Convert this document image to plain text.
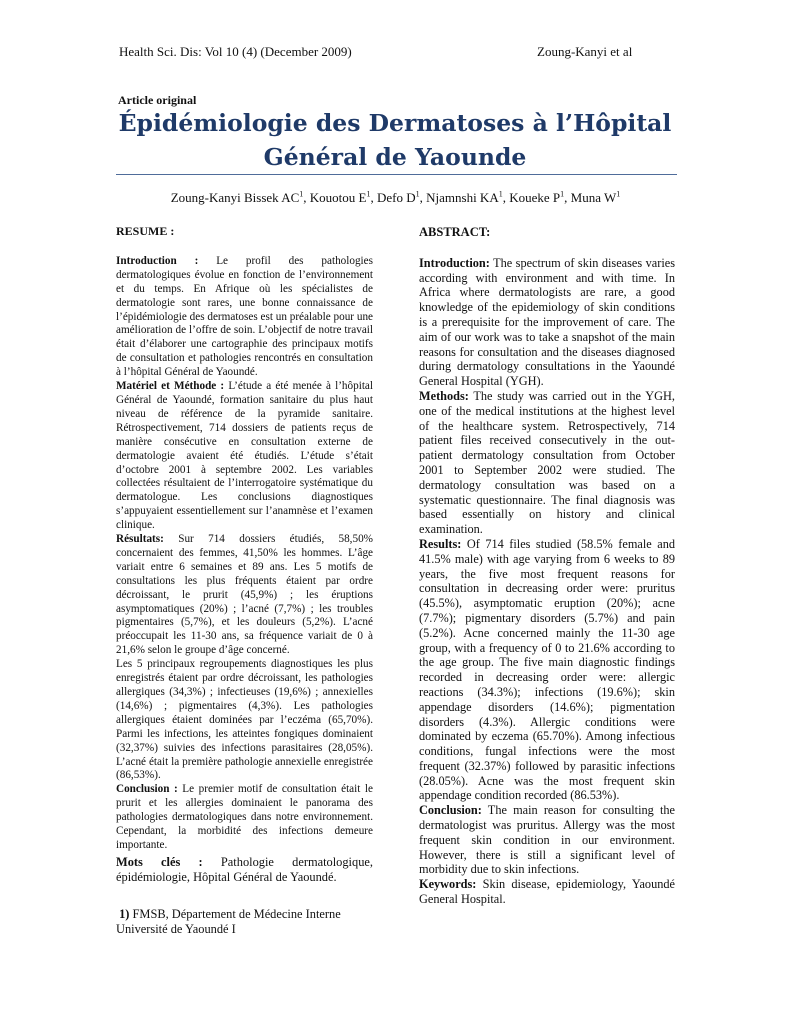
Health Sci. Dis: Vol 10 (4) (December 2009)	Zoung-Kanyi et al
Article original
Épidémiologie des Dermatoses à l’Hôpital
Général de Yaounde
Zoung-Kanyi Bissek $AC^1$, Kouotou $E^1$, Defo $D^1$, Njamnshi $KA^1$, Koueke $P^1$, Muna $W^1$
RESUME :

Introduction : Le profil des pathologies dermatologiques évolue en fonction de l’environnement et du temps. En Afrique où les spécialistes de dermatologie sont rares, une bonne connaissance de l’épidémiologie des dermatoses est un préalable pour une amélioration de l’offre de soin. L’objectif de notre travail était d’élaborer une cartographie des principaux motifs de consultation et pathologies rencontrés en consultation à l’hôpital Général de Yaoundé.

Matériel et Méthode : L’étude a été menée à l’hôpital Général de Yaoundé, formation sanitaire du plus haut niveau de référence de la pyramide sanitaire. Rétrospectivement, 714 dossiers de patients reçus de manière consécutive en consultation externe de dermatologie avaient été étudiés. L’étude s’était d’octobre 2001 à septembre 2002. Les variables collectées résultaient de l’interrogatoire systématique du dermatologue. Les conclusions diagnostiques s’appuyaient essentiellement sur l’anamnèse et l’examen clinique.

Résultats: Sur 714 dossiers étudiés, 58,50% concernaient des femmes, 41,50% les hommes. L’âge variait entre 6 semaines et 89 ans. Les 5 motifs de consultations les plus fréquents étaient par ordre décroissant, le prurit (45,9%) ; les éruptions asymptomatiques (20%) ; l’acné (7,7%) ; les troubles pigmentaires (5,7%), et les douleurs (5,2%). L’acné préoccupait les 11-30 ans, sa fréquence variait de 0 à 21,6% selon le groupe d’âge concerné.

Les 5 principaux regroupements diagnostiques les plus enregistrés étaient par ordre décroissant, les pathologies allergiques (34,3%) ; infectieuses (19,6%) ; annexielles (14,6%) ; pigmentaires (4,3%). Les pathologies allergiques étaient dominées par l’eczéma (65,70%). Parmi les infections, les atteintes fongiques dominaient (32,37%) suivies des infections parasitaires (28,05%). L’acné était la première pathologie annexielle enregistrée (86,53%).

Conclusion : Le premier motif de consultation était le prurit et les allergies dominaient le panorama des pathologies dermatologiques dans notre environnement. Cependant, la morbidité des infections demeure importante.

Mots clés : Pathologie dermatologique, épidémiologie, Hôpital Général de Yaoundé.

1) FMSB, Département de Médecine Interne
Université de Yaoundé I
ABSTRACT:

Introduction: The spectrum of skin diseases varies according with environment and with time. In Africa where dermatologists are rare, a good knowledge of the epidemiology of skin conditions is a prerequisite for the improvement of care. The aim of our work was to take a snapshot of the main reasons for consultation and the diseases diagnosed during dermatology consultations in the Yaoundé General Hospital (YGH).

Methods: The study was carried out in the YGH, one of the medical institutions at the highest level of the healthcare system. Retrospectively, 714 patient files received consecutively in the out-patient dermatology consultation from October 2001 to September 2002 were studied. The dermatology consultation was based on a systematic questionnaire. The final diagnosis was based essentially on history and clinical examination.

Results: Of 714 files studied (58.5% female and 41.5% male) with age varying from 6 weeks to 89 years, the five most frequent reasons for consultation in decreasing order were: pruritus (45.5%), asymptomatic eruption (20%); acne (7.7%); pigmentary disorders (5.7%) and pain (5.2%). Acne concerned mainly the 11-30 age group, with a frequency of 0 to 21.6% according to the age group. The five main diagnostic findings recorded in decreasing order were: allergic reactions (34.3%); infections (19.6%); skin appendage disorders (14.6%); pigmentation disorders (4.3%). Allergic conditions were dominated by eczema (65.70%). Among infectious conditions, fungal infections were the most frequent (32.37%) followed by parasitic infections (28.05%). Acne was the most frequent skin appendage condition recorded (86.53%).

Conclusion: The main reason for consulting the dermatologist was pruritus. Allergy was the most frequent skin condition in our environment. However, there is still a significant level of morbidity due to skin infections.

Keywords: Skin disease, epidemiology, Yaoundé General Hospital.
